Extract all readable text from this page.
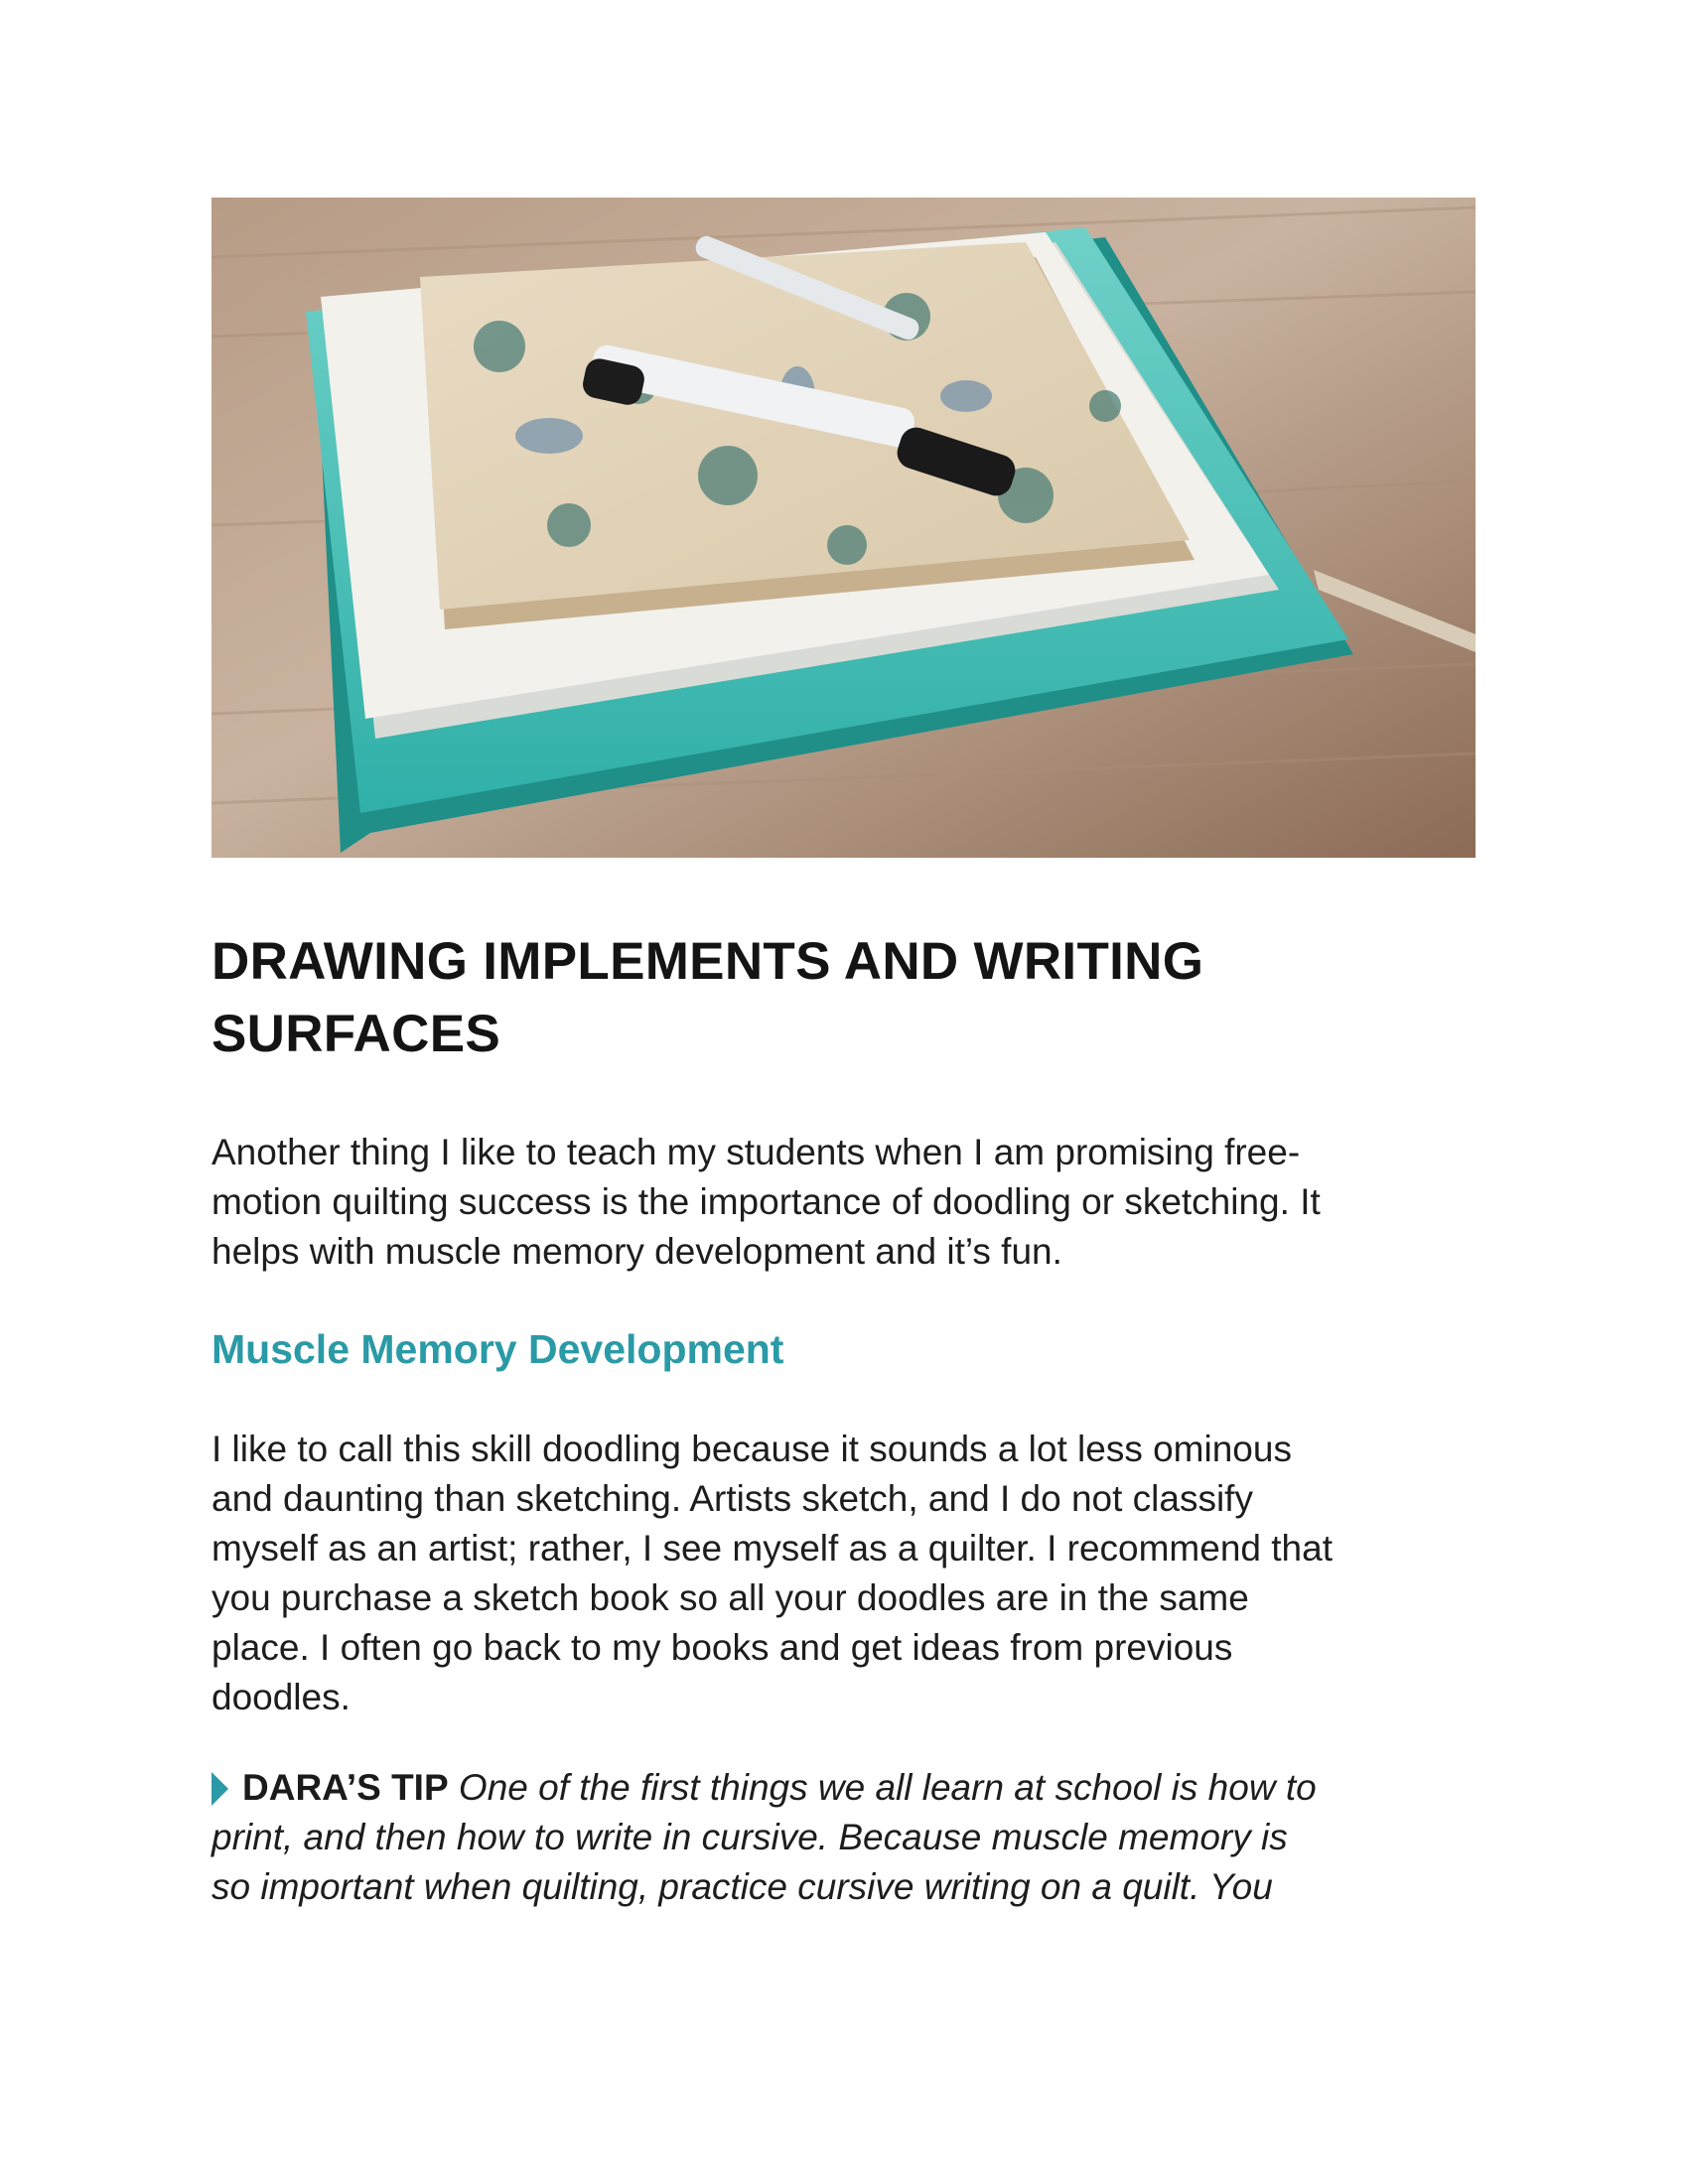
DRAWING IMPLEMENTS AND WRITING
SURFACES

Another thing I like to teach my students when I am promising free-
motion quilting success is the importance of doodling or sketching. It
helps with muscle memory development and it’s fun.

Muscle Memory Development

I like to call this skill doodling because it sounds a lot less ominous
and daunting than sketching. Artists sketch, and I do not classify
myself as an artist; rather, I see myself as a quilter. I recommend that
you purchase a sketch book so all your doodles are in the same
place. I often go back to my books and get ideas from previous
doodles.

DARA’S TIP One of the first things we all learn at school is how to
print, and then how to write in cursive. Because muscle memory is
so important when quilting, practice cursive writing on a quilt. You
